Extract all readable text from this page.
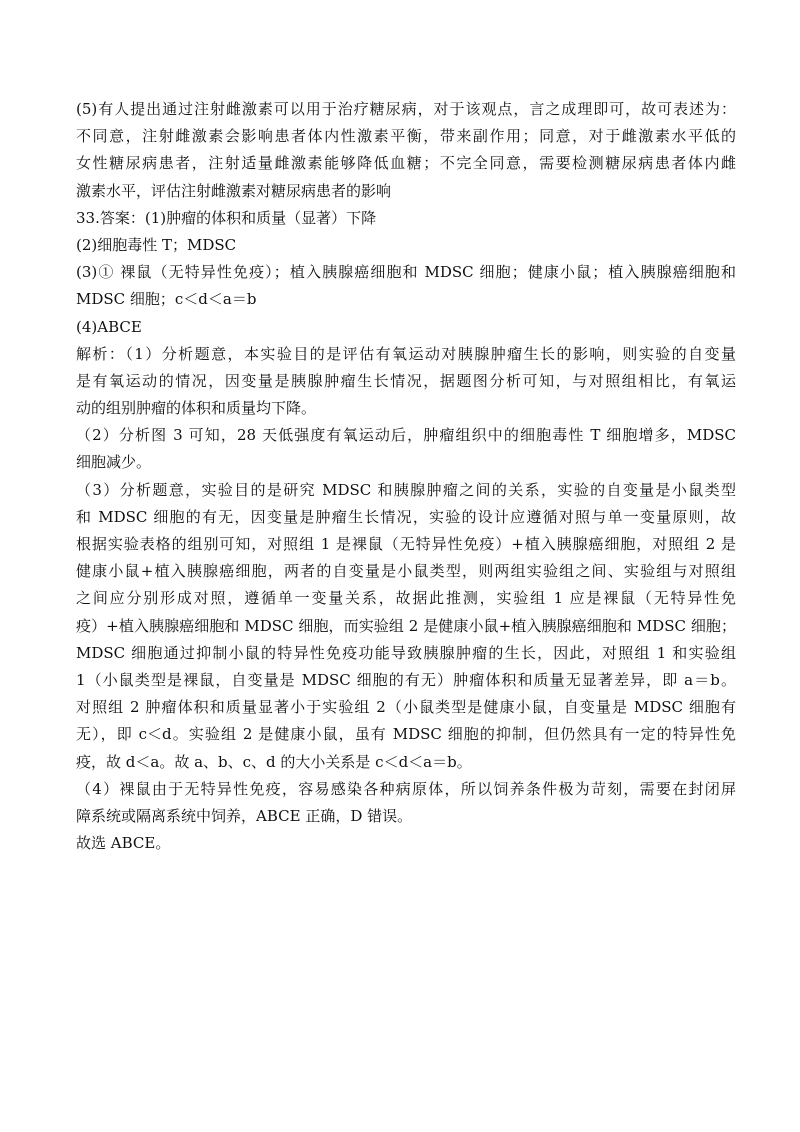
(5)有人提出通过注射雌激素可以用于治疗糖尿病，对于该观点，言之成理即可，故可表述为：
不同意，注射雌激素会影响患者体内性激素平衡，带来副作用；同意，对于雌激素水平低的
女性糖尿病患者，注射适量雌激素能够降低血糖；不完全同意，需要检测糖尿病患者体内雌
激素水平，评估注射雌激素对糖尿病患者的影响
33.答案：(1)肿瘤的体积和质量（显著）下降
(2)细胞毒性 T；MDSC
(3)① 裸鼠（无特异性免疫）；植入胰腺癌细胞和 MDSC 细胞；健康小鼠；植入胰腺癌细胞和
MDSC 细胞；c＜d＜a＝b
(4)ABCE
解析：（1）分析题意，本实验目的是评估有氧运动对胰腺肿瘤生长的影响，则实验的自变量
是有氧运动的情况，因变量是胰腺肿瘤生长情况，据题图分析可知，与对照组相比，有氧运
动的组别肿瘤的体积和质量均下降。
（2）分析图 3 可知，28 天低强度有氧运动后，肿瘤组织中的细胞毒性 T 细胞增多，MDSC
细胞减少。
（3）分析题意，实验目的是研究 MDSC 和胰腺肿瘤之间的关系，实验的自变量是小鼠类型
和 MDSC 细胞的有无，因变量是肿瘤生长情况，实验的设计应遵循对照与单一变量原则，故
根据实验表格的组别可知，对照组 1 是裸鼠（无特异性免疫）+植入胰腺癌细胞，对照组 2 是
健康小鼠+植入胰腺癌细胞，两者的自变量是小鼠类型，则两组实验组之间、实验组与对照组
之间应分别形成对照，遵循单一变量关系，故据此推测，实验组 1 应是裸鼠（无特异性免
疫）+植入胰腺癌细胞和 MDSC 细胞，而实验组 2 是健康小鼠+植入胰腺癌细胞和 MDSC 细胞；
MDSC 细胞通过抑制小鼠的特异性免疫功能导致胰腺肿瘤的生长，因此，对照组 1 和实验组
1（小鼠类型是裸鼠，自变量是 MDSC 细胞的有无）肿瘤体积和质量无显著差异，即 a＝b。
对照组 2 肿瘤体积和质量显著小于实验组 2（小鼠类型是健康小鼠，自变量是 MDSC 细胞有
无），即 c＜d。实验组 2 是健康小鼠，虽有 MDSC 细胞的抑制，但仍然具有一定的特异性免
疫，故 d＜a。故 a、b、c、d 的大小关系是 c＜d＜a＝b。
（4）裸鼠由于无特异性免疫，容易感染各种病原体，所以饲养条件极为苛刻，需要在封闭屏
障系统或隔离系统中饲养，ABCE 正确，D 错误。
故选 ABCE。
